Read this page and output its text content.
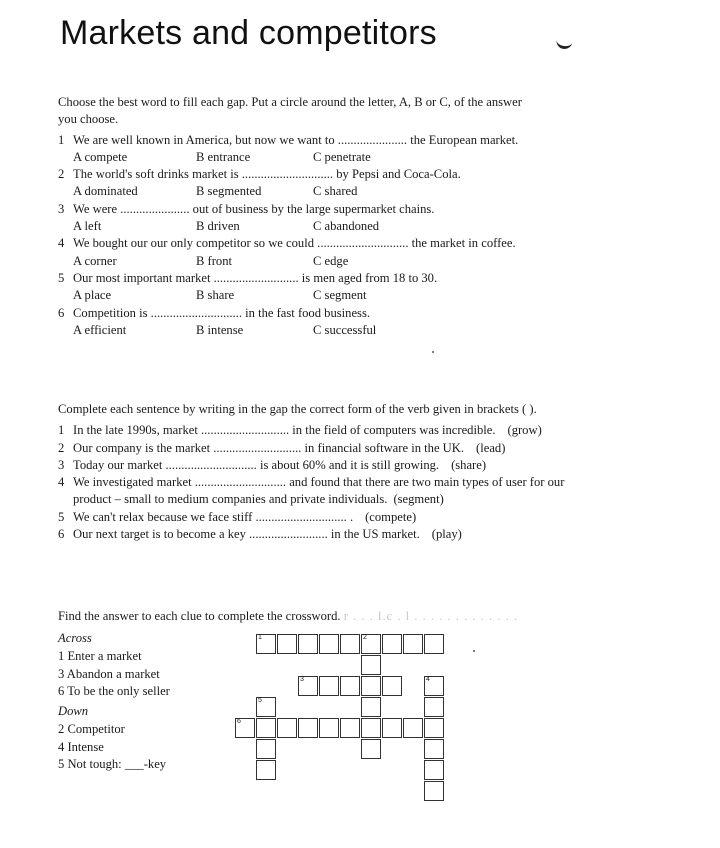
Markets and competitors

Choose the best word to fill each gap. Put a circle around the letter, A, B or C, of the answer

you choose.

1 We are well known in America, but now we want to ...................... the European market.
A compete	B entrance	C penetrate
2 The world's soft drinks market is ............................. by Pepsi and Coca-Cola.
A dominated	B segmented	C shared
3 We were ...................... out of business by the large supermarket chains.
A left	B driven	C abandoned
4 We bought our our only competitor so we could ............................. the market in coffee.
A corner	B front	C edge
5 Our most important market ........................... is men aged from 18 to 30.
A place	B share	C segment
6 Competition is ............................. in the fast food business.
A efficient	B intense	C successful

Complete each sentence by writing in the gap the correct form of the verb given in brackets ( ).

1 In the late 1990s, market ............................ in the field of computers was incredible. (grow)
2 Our company is the market ............................ in financial software in the UK. (lead)
3 Today our market ............................. is about 60% and it is still growing. (share)
4 We investigated market ............................. and found that there are two main types of user for our
product – small to medium companies and private individuals. (segment)
5 We can't relax because we face stiff ............................. . (compete)
6 Our next target is to become a key ......................... in the US market. (play)

Find the answer to each clue to complete the crossword. r . . . l.c . l . . . . . . . . . . . . .

Across
1 Enter a market
3 Abandon a market
6 To be the only seller
Down
2 Competitor
4 Intense
5 Not tough: ___-key
1	2
3	4
5
6
